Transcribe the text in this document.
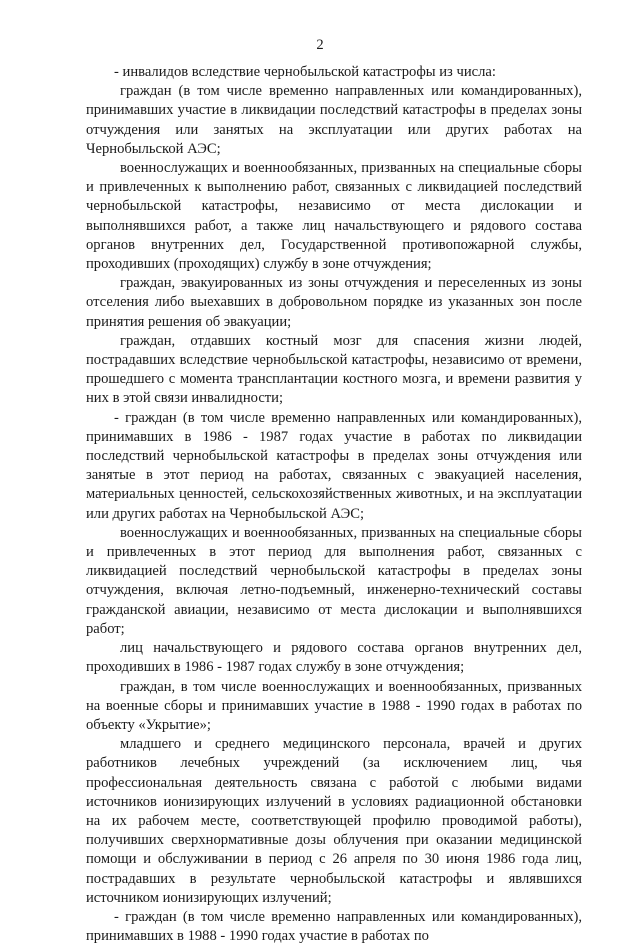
2

- инвалидов вследствие чернобыльской катастрофы из числа:

граждан (в том числе временно направленных или командированных), принимавших участие в ликвидации последствий катастрофы в пределах зоны отчуждения или занятых на эксплуатации или других работах на Чернобыльской АЭС;

военнослужащих и военнообязанных, призванных на специальные сборы и привлеченных к выполнению работ, связанных с ликвидацией последствий чернобыльской катастрофы, независимо от места дислокации и выполнявшихся работ, а также лиц начальствующего и рядового состава органов внутренних дел, Государственной противопожарной службы, проходивших (проходящих) службу в зоне отчуждения;

граждан, эвакуированных из зоны отчуждения и переселенных из зоны отселения либо выехавших в добровольном порядке из указанных зон после принятия решения об эвакуации;

граждан, отдавших костный мозг для спасения жизни людей, пострадавших вследствие чернобыльской катастрофы, независимо от времени, прошедшего с момента трансплантации костного мозга, и времени развития у них в этой связи инвалидности;

- граждан (в том числе временно направленных или командированных), принимавших в 1986 - 1987 годах участие в работах по ликвидации последствий чернобыльской катастрофы в пределах зоны отчуждения или занятые в этот период на работах, связанных с эвакуацией населения, материальных ценностей, сельскохозяйственных животных, и на эксплуатации или других работах на Чернобыльской АЭС;

военнослужащих и военнообязанных, призванных на специальные сборы и привлеченных в этот период для выполнения работ, связанных с ликвидацией последствий чернобыльской катастрофы в пределах зоны отчуждения, включая летно-подъемный, инженерно-технический составы гражданской авиации, независимо от места дислокации и выполнявшихся работ;

лиц начальствующего и рядового состава органов внутренних дел, проходивших в 1986 - 1987 годах службу в зоне отчуждения;

граждан, в том числе военнослужащих и военнообязанных, призванных на военные сборы и принимавших участие в 1988 - 1990 годах в работах по объекту «Укрытие»;

младшего и среднего медицинского персонала, врачей и других работников лечебных учреждений (за исключением лиц, чья профессиональная деятельность связана с работой с любыми видами источников ионизирующих излучений в условиях радиационной обстановки на их рабочем месте, соответствующей профилю проводимой работы), получивших сверхнормативные дозы облучения при оказании медицинской помощи и обслуживании в период с 26 апреля по 30 июня 1986 года лиц, пострадавших в результате чернобыльской катастрофы и являвшихся источником ионизирующих излучений;

- граждан (в том числе временно направленных или командированных), принимавших в 1988 - 1990 годах участие в работах по
